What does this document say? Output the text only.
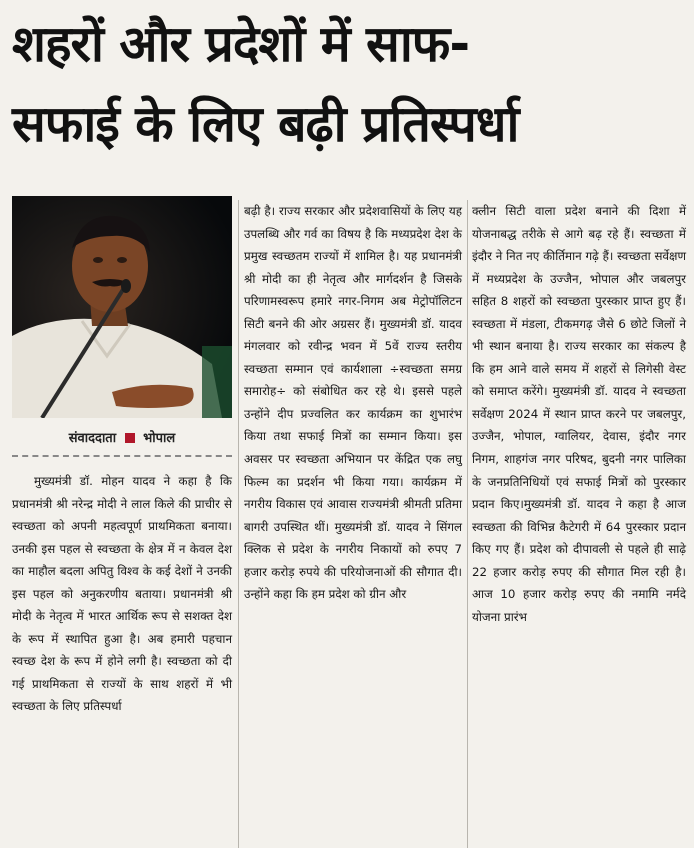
शहरों और प्रदेशों में साफ-
सफाई के लिए बढ़ी प्रतिस्पर्धा
संवाददाता भोपाल

मुख्यमंत्री डॉ. मोहन यादव ने कहा है कि प्रधानमंत्री श्री नरेन्द्र मोदी ने लाल किले की प्राचीर से स्वच्छता को अपनी महत्वपूर्ण प्राथमिकता बनाया। उनकी इस पहल से स्वच्छता के क्षेत्र में न केवल देश का माहौल बदला अपितु विश्व के कई देशों ने उनकी इस पहल को अनुकरणीय बताया। प्रधानमंत्री श्री मोदी के नेतृत्व में भारत आर्थिक रूप से सशक्त देश के रूप में स्थापित हुआ है। अब हमारी पहचान स्वच्छ देश के रूप में होने लगी है। स्वच्छता को दी गई प्राथमिकता से राज्यों के साथ शहरों में भी स्वच्छता के लिए प्रतिस्पर्धा

बढ़ी है। राज्य सरकार और प्रदेशवासियों के लिए यह उपलब्धि और गर्व का विषय है कि मध्यप्रदेश देश के प्रमुख स्वच्छतम राज्यों में शामिल है। यह प्रधानमंत्री श्री मोदी का ही नेतृत्व और मार्गदर्शन है जिसके परिणामस्वरूप हमारे नगर-निगम अब मेट्रोपॉलिटन सिटी बनने की ओर अग्रसर हैं। मुख्यमंत्री डॉ. यादव मंगलवार को रवीन्द्र भवन में 5वें राज्य स्तरीय स्वच्छता सम्मान एवं कार्यशाला ÷स्वच्छता समग्र समारोह÷ को संबोधित कर रहे थे। इससे पहले उन्होंने दीप प्रज्वलित कर कार्यक्रम का शुभारंभ किया तथा सफाई मित्रों का सम्मान किया। इस अवसर पर स्वच्छता अभियान पर केंद्रित एक लघु फिल्म का प्रदर्शन भी किया गया। कार्यक्रम में नगरीय विकास एवं आवास राज्यमंत्री श्रीमती प्रतिमा बागरी उपस्थित थीं। मुख्यमंत्री डॉ. यादव ने सिंगल क्लिक से प्रदेश के नगरीय निकायों को रुपए 7 हजार करोड़ रुपये की परियोजनाओं की सौगात दी। उन्होंने कहा कि हम प्रदेश को ग्रीन और

क्लीन सिटी वाला प्रदेश बनाने की दिशा में योजनाबद्ध तरीके से आगे बढ़ रहे हैं। स्वच्छता में इंदौर ने नित नए कीर्तिमान गढ़े हैं। स्वच्छता सर्वेक्षण में मध्यप्रदेश के उज्जैन, भोपाल और जबलपुर सहित 8 शहरों को स्वच्छता पुरस्कार प्राप्त हुए हैं। स्वच्छता में मंडला, टीकमगढ़ जैसे 6 छोटे जिलों ने भी स्थान बनाया है। राज्य सरकार का संकल्प है कि हम आने वाले समय में शहरों से लिगेसी वेस्ट को समाप्त करेंगे। मुख्यमंत्री डॉ. यादव ने स्वच्छता सर्वेक्षण 2024 में स्थान प्राप्त करने पर जबलपुर, उज्जैन, भोपाल, ग्वालियर, देवास, इंदौर नगर निगम, शाहगंज नगर परिषद, बुदनी नगर पालिका के जनप्रतिनिधियों एवं सफाई मित्रों को पुरस्कार प्रदान किए।मुख्यमंत्री डॉ. यादव ने कहा है आज स्वच्छता की विभिन्न कैटेगरी में 64 पुरस्कार प्रदान किए गए हैं। प्रदेश को दीपावली से पहले ही साढ़े 22 हजार करोड़ रुपए की सौगात मिल रही है। आज 10 हजार करोड़ रुपए की नमामि नर्मदे योजना प्रारंभ
